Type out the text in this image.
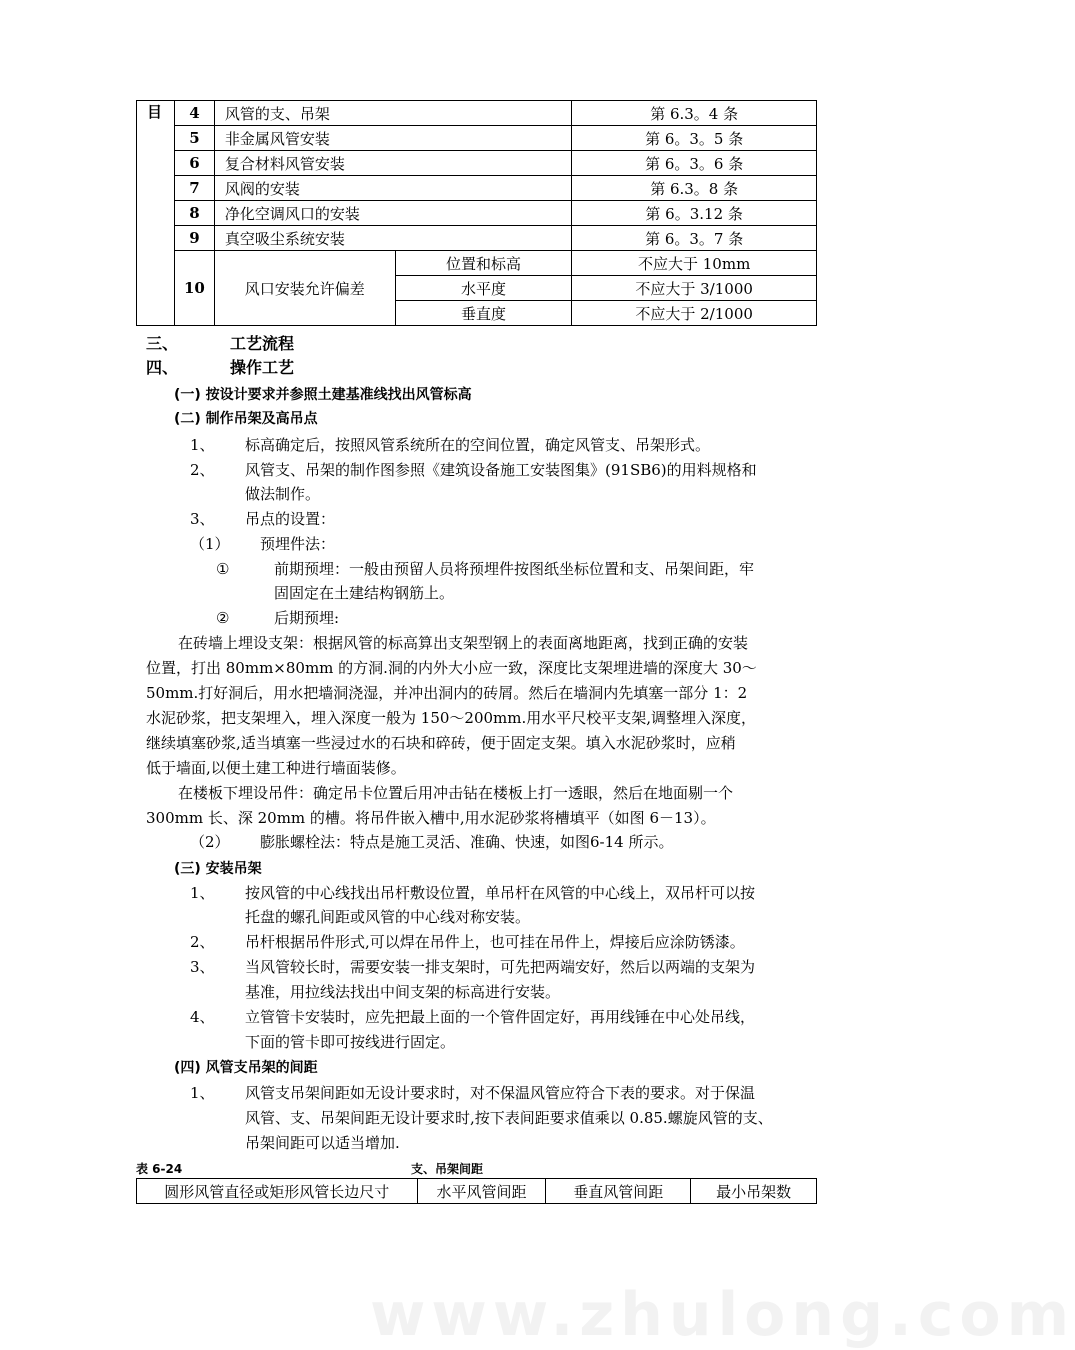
目	4	风管的支、吊架		第 6.3。4 条
	5	非金属风管安装		第 6。3。5 条
	6	复合材料风管安装		第 6。3。6 条
	7	风阀的安装		第 6.3。8 条
	8	净化空调风口的安装		第 6。3.12 条
	9	真空吸尘系统安装		第 6。3。7 条
	10	风口安装允许偏差	位置和标高	不应大于 10mm
			水平度	不应大于 3/1000
			垂直度	不应大于 2/1000
三、	工艺流程
四、	操作工艺
(一) 按设计要求并参照土建基准线找出风管标高
(二) 制作吊架及高吊点
1、 标高确定后，按照风管系统所在的空间位置，确定风管支、吊架形式。
2、 风管支、吊架的制作图参照《建筑设备施工安装图集》(91SB6)的用料规格和
做法制作。
3、 吊点的设置：
（1） 预埋件法：
①	前期预埋：一般由预留人员将预埋件按图纸坐标位置和支、吊架间距，牢
固固定在土建结构钢筋上。
②	后期预埋:
在砖墙上埋设支架：根据风管的标高算出支架型钢上的表面离地距离，找到正确的安装
位置，打出 80mm×80mm 的方洞.洞的内外大小应一致，深度比支架埋进墙的深度大 30～
50mm.打好洞后，用水把墙洞浇湿，并冲出洞内的砖屑。然后在墙洞内先填塞一部分 1：2
水泥砂浆，把支架埋入，埋入深度一般为 150～200mm.用水平尺校平支架,调整埋入深度，
继续填塞砂浆,适当填塞一些浸过水的石块和碎砖，便于固定支架。填入水泥砂浆时，应稍
低于墙面,以便土建工种进行墙面装修。
在楼板下埋设吊件：确定吊卡位置后用冲击钻在楼板上打一透眼，然后在地面剔一个
300mm 长、深 20mm 的槽。将吊件嵌入槽中,用水泥砂浆将槽填平（如图 6－13）。
（2） 膨胀螺栓法：特点是施工灵活、准确、快速，如图6-14 所示。
(三) 安装吊架
1、 按风管的中心线找出吊杆敷设位置，单吊杆在风管的中心线上，双吊杆可以按
托盘的螺孔间距或风管的中心线对称安装。
2、 吊杆根据吊件形式,可以焊在吊件上，也可挂在吊件上，焊接后应涂防锈漆。
3、 当风管较长时，需要安装一排支架时，可先把两端安好，然后以两端的支架为
基准，用拉线法找出中间支架的标高进行安装。
4、 立管管卡安装时，应先把最上面的一个管件固定好，再用线锤在中心处吊线，
下面的管卡即可按线进行固定。
(四) 风管支吊架的间距
1、 风管支吊架间距如无设计要求时，对不保温风管应符合下表的要求。对于保温
风管、支、吊架间距无设计要求时,按下表间距要求值乘以 0.85.螺旋风管的支、
吊架间距可以适当增加.
表 6-24	支、吊架间距
圆形风管直径或矩形风管长边尺寸	水平风管间距	垂直风管间距	最小吊架数
www.zhulong.com
